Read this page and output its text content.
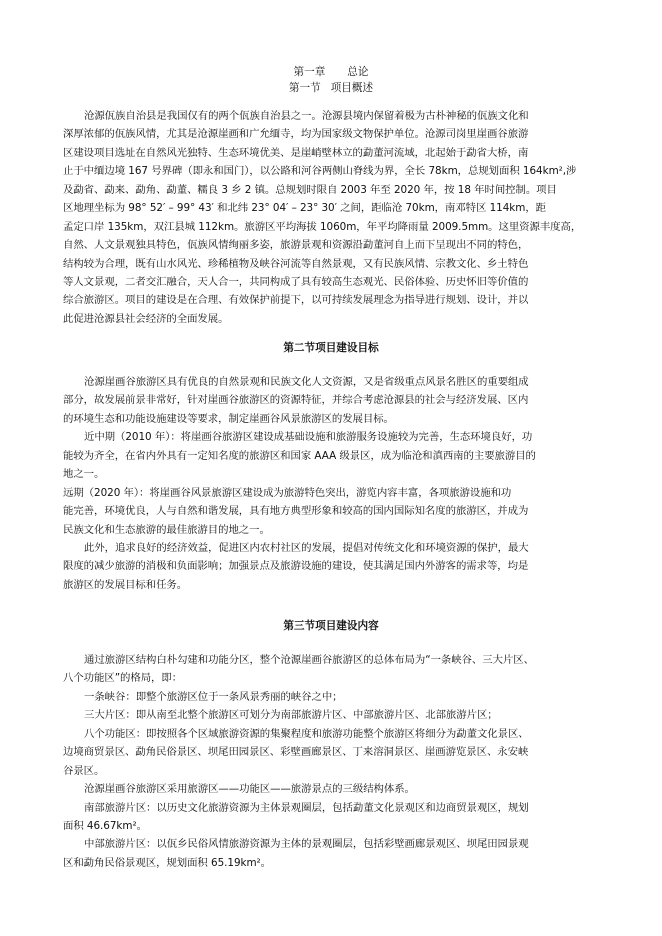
第一章 总论
第一节 项目概述
沧源佤族自治县是我国仅有的两个佤族自治县之一。沧源县境内保留着极为古朴神秘的佤族文化和
深厚浓郁的佤族风情，尤其是沧源崖画和广允缅寺，均为国家级文物保护单位。沧源司岗里崖画谷旅游
区建设项目选址在自然风光独特、生态环境优美、是崖峭壁林立的勐董河流域，北起始于勐省大桥，南
止于中缅边境 167 号界碑（即永和国门），以公路和河谷两侧山脊线为界，全长 78km，总规划面积 164km²,涉
及勐省、勐来、勐角、勐董、糯良 3 乡 2 镇。总规划时限自 2003 年至 2020 年，按 18 年时间控制。项目
区地理坐标为 98° 52′ – 99° 43′ 和北纬 23° 04′ – 23° 30′ 之间，距临沧 70km，南邓特区 114km，距
孟定口岸 135km，双江县城 112km。旅游区平均海拔 1060m，年平均降雨量 2009.5mm。这里资源丰度高，
自然、人文景观独具特色，佤族风情绚丽多姿，旅游景观和资源沿勐董河自上而下呈现出不同的特色，
结构较为合理，既有山水风光、珍稀植物及峡谷河流等自然景观，又有民族风情、宗教文化、乡土特色
等人文景观，二者交汇融合，天人合一，共同构成了具有较高生态观光、民俗体验、历史怀旧等价值的
综合旅游区。项目的建设是在合理、有效保护前提下，以可持续发展理念为指导进行规划、设计，并以
此促进沧源县社会经济的全面发展。
第二节项目建设目标
沧源崖画谷旅游区具有优良的自然景观和民族文化人文资源，又是省级重点风景名胜区的重要组成
部分，故发展前景非常好，针对崖画谷旅游区的资源特征，并综合考虑沧源县的社会与经济发展、区内
的环境生态和功能设施建设等要求，制定崖画谷风景旅游区的发展目标。
近中期（2010 年）：将崖画谷旅游区建设成基础设施和旅游服务设施较为完善，生态环境良好，功
能较为齐全，在省内外具有一定知名度的旅游区和国家 AAA 级景区，成为临沧和滇西南的主要旅游目的
地之一。
远期（2020 年）：将崖画谷风景旅游区建设成为旅游特色突出，游览内容丰富，各项旅游设施和功
能完善，环境优良，人与自然和谐发展，具有地方典型形象和较高的国内国际知名度的旅游区，并成为
民族文化和生态旅游的最佳旅游目的地之一。
此外，追求良好的经济效益，促进区内农村社区的发展，提倡对传统文化和环境资源的保护，最大
限度的减少旅游的消极和负面影响；加强景点及旅游设施的建设，使其满足国内外游客的需求等，均是
旅游区的发展目标和任务。
第三节项目建设内容
通过旅游区结构白朴勾建和功能分区，整个沧源崖画谷旅游区的总体布局为“一条峡谷、三大片区、
八个功能区”的格局，即：
一条峡谷：即整个旅游区位于一条风景秀丽的峡谷之中；
三大片区：即从南至北整个旅游区可划分为南部旅游片区、中部旅游片区、北部旅游片区；
八个功能区：即按照各个区域旅游资源的集聚程度和旅游功能整个旅游区将细分为勐董文化景区、
边境商贸景区、勐角民俗景区、坝尾田园景区、彩壁画廊景区、丁来溶洞景区、崖画游览景区、永安峡
谷景区。
沧源崖画谷旅游区采用旅游区——功能区——旅游景点的三级结构体系。
南部旅游片区：以历史文化旅游资源为主体景观圈层，包括勐董文化景观区和边商贸景观区，规划
面积 46.67km²。
中部旅游片区：以佤乡民俗风情旅游资源为主体的景观圈层，包括彩壁画廊景观区、坝尾田园景观
区和勐角民俗景观区，规划面积 65.19km²。
